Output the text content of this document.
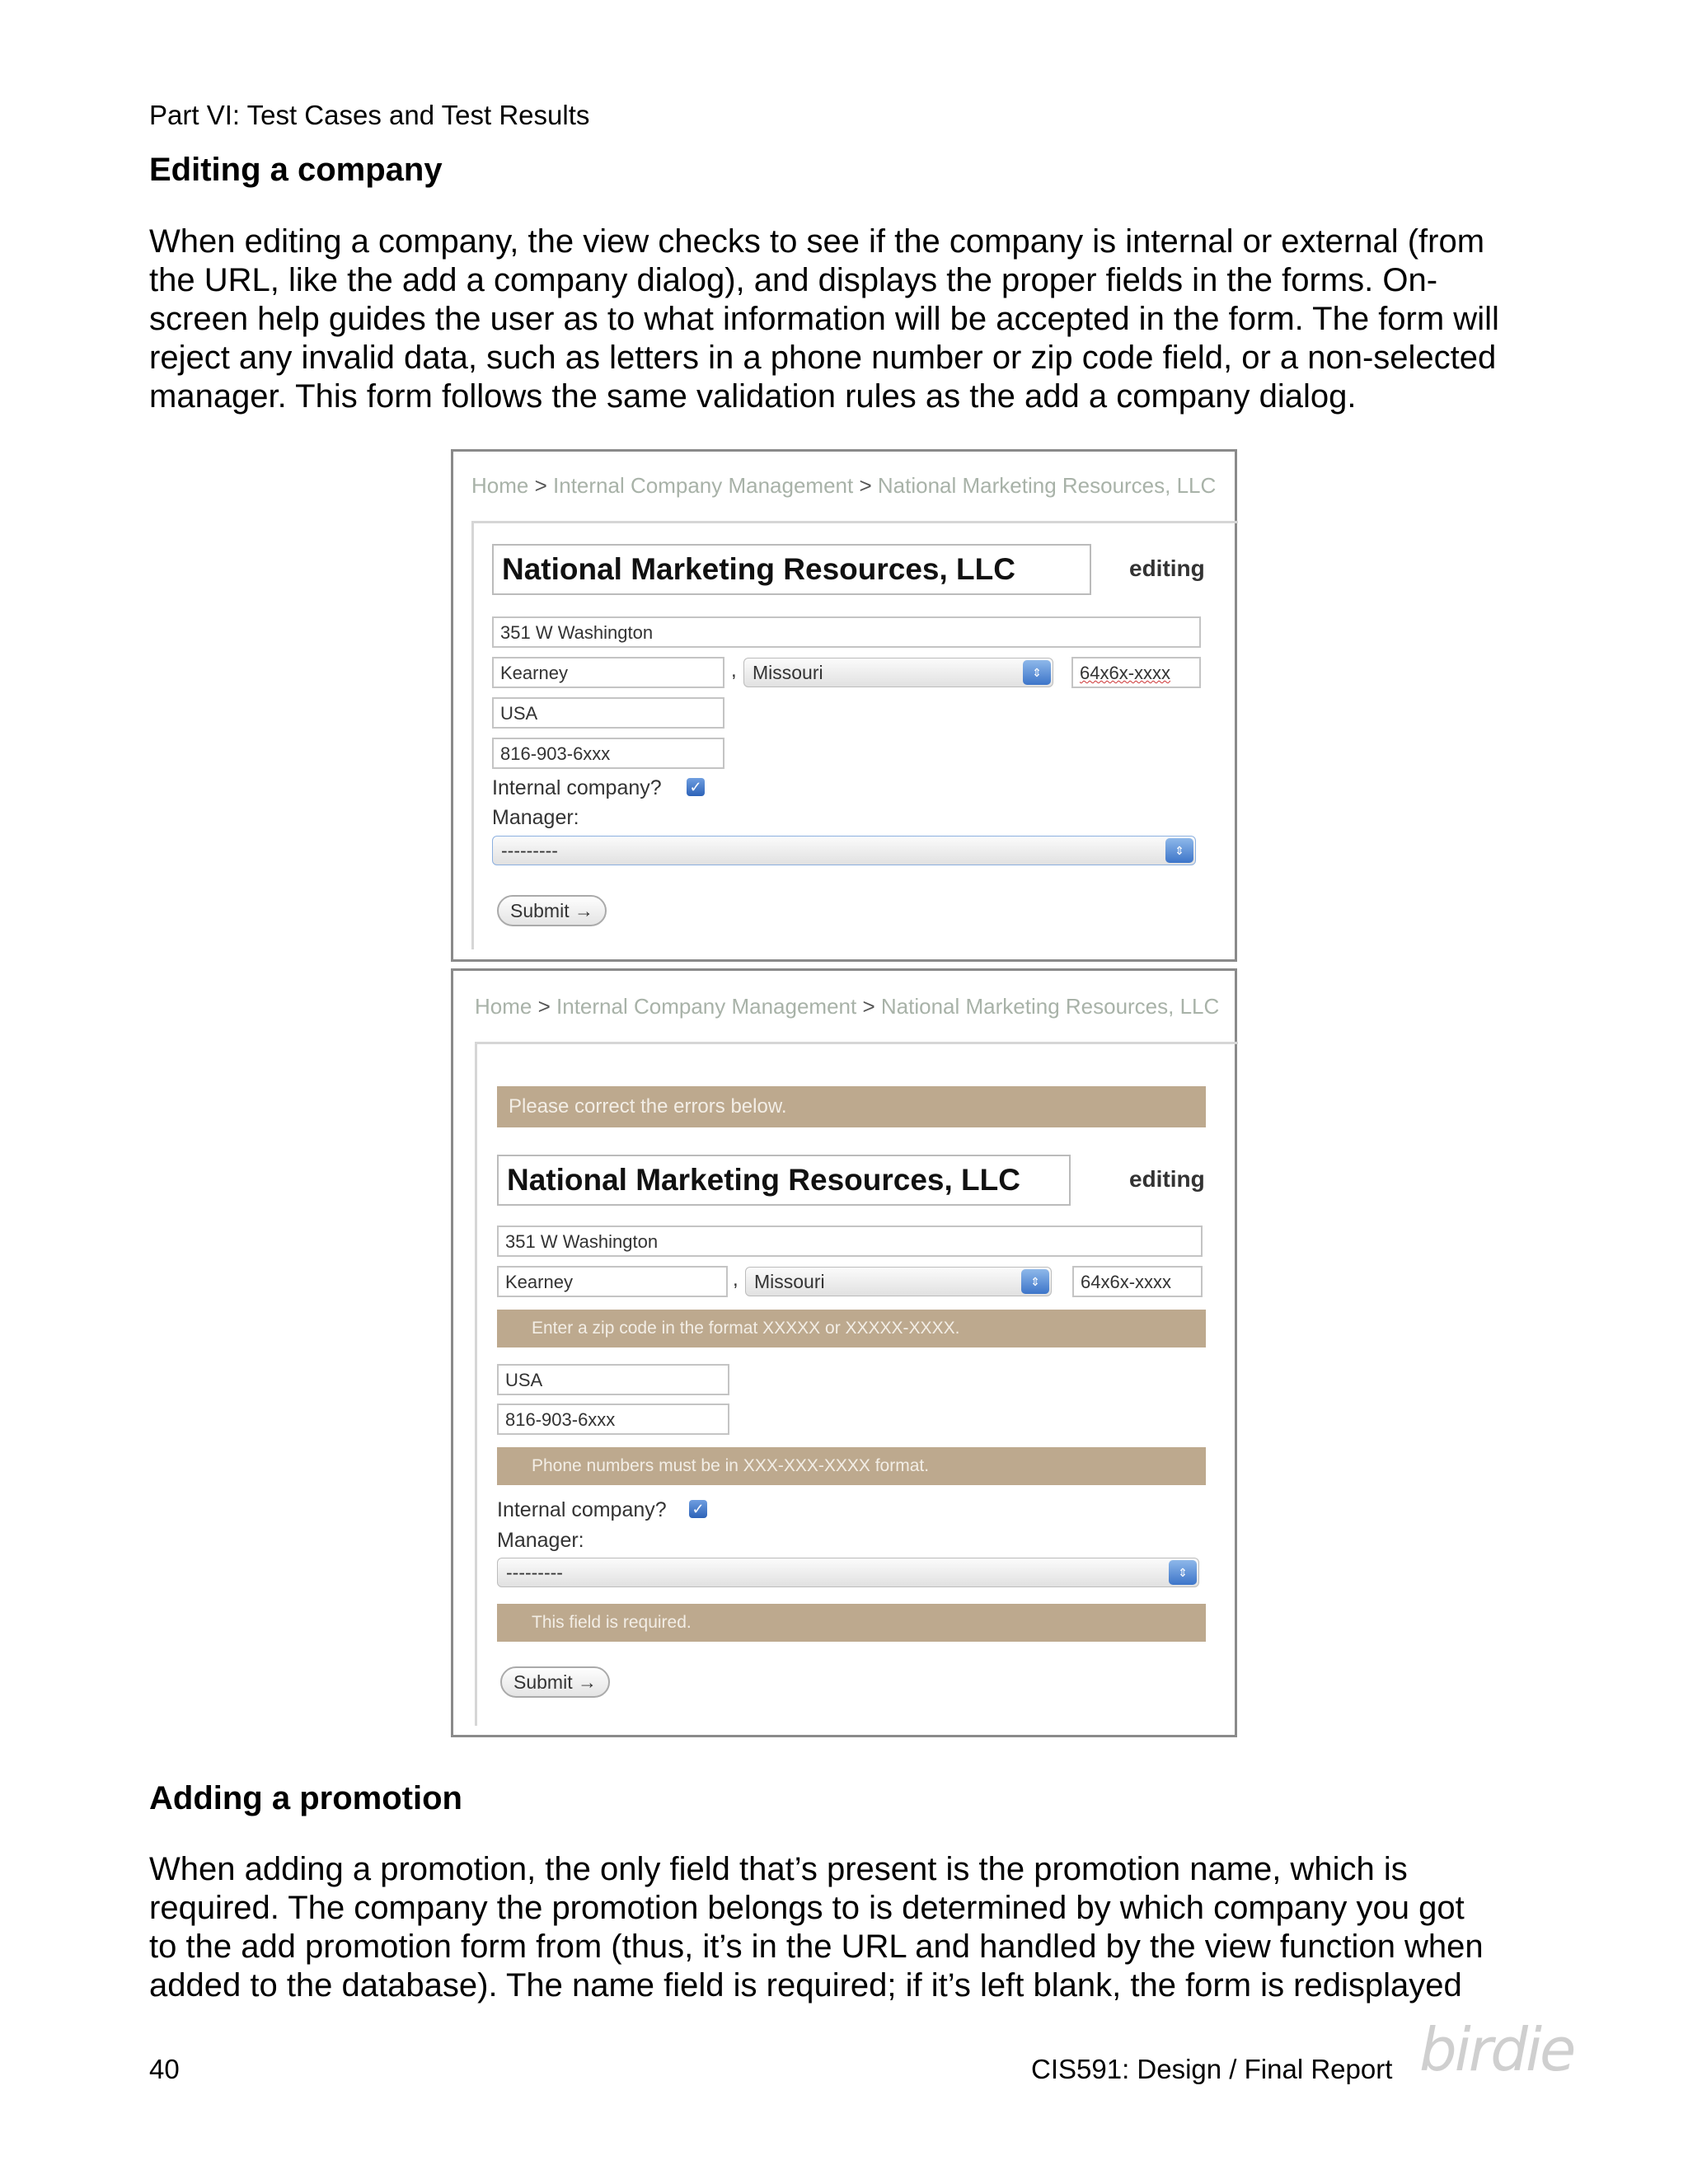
Part VI: Test Cases and Test Results
Editing a company

When editing a company, the view checks to see if the company is internal or external (from

the URL, like the add a company dialog), and displays the proper fields in the forms. On-

screen help guides the user as to what information will be accepted in the form. The form will

reject any invalid data, such as letters in a phone number or zip code field, or a non-selected

manager. This form follows the same validation rules as the add a company dialog.

Home > Internal Company Management > National Marketing Resources, LLC
National Marketing Resources, LLC	editing
351 W Washington
Kearney	, Missouri	⇕	64x6x-xxxx
USA
816-903-6xxx
Internal company? ✓
Manager:
---------	⇕
Submit →
Home > Internal Company Management > National Marketing Resources, LLC
Please correct the errors below.
National Marketing Resources, LLC	editing
351 W Washington
Kearney	, Missouri	⇕	64x6x-xxxx
Enter a zip code in the format XXXXX or XXXXX-XXXX.
USA
816-903-6xxx
Phone numbers must be in XXX-XXX-XXXX format.
Internal company? ✓
Manager:
---------	⇕
This field is required.
Submit →
Adding a promotion

When adding a promotion, the only field that’s present is the promotion name, which is

required. The company the promotion belongs to is determined by which company you got

to the add promotion form from (thus, it’s in the URL and handled by the view function when

added to the database). The name field is required; if it’s left blank, the form is redisplayed

40	CIS591: Design / Final Report birdie
